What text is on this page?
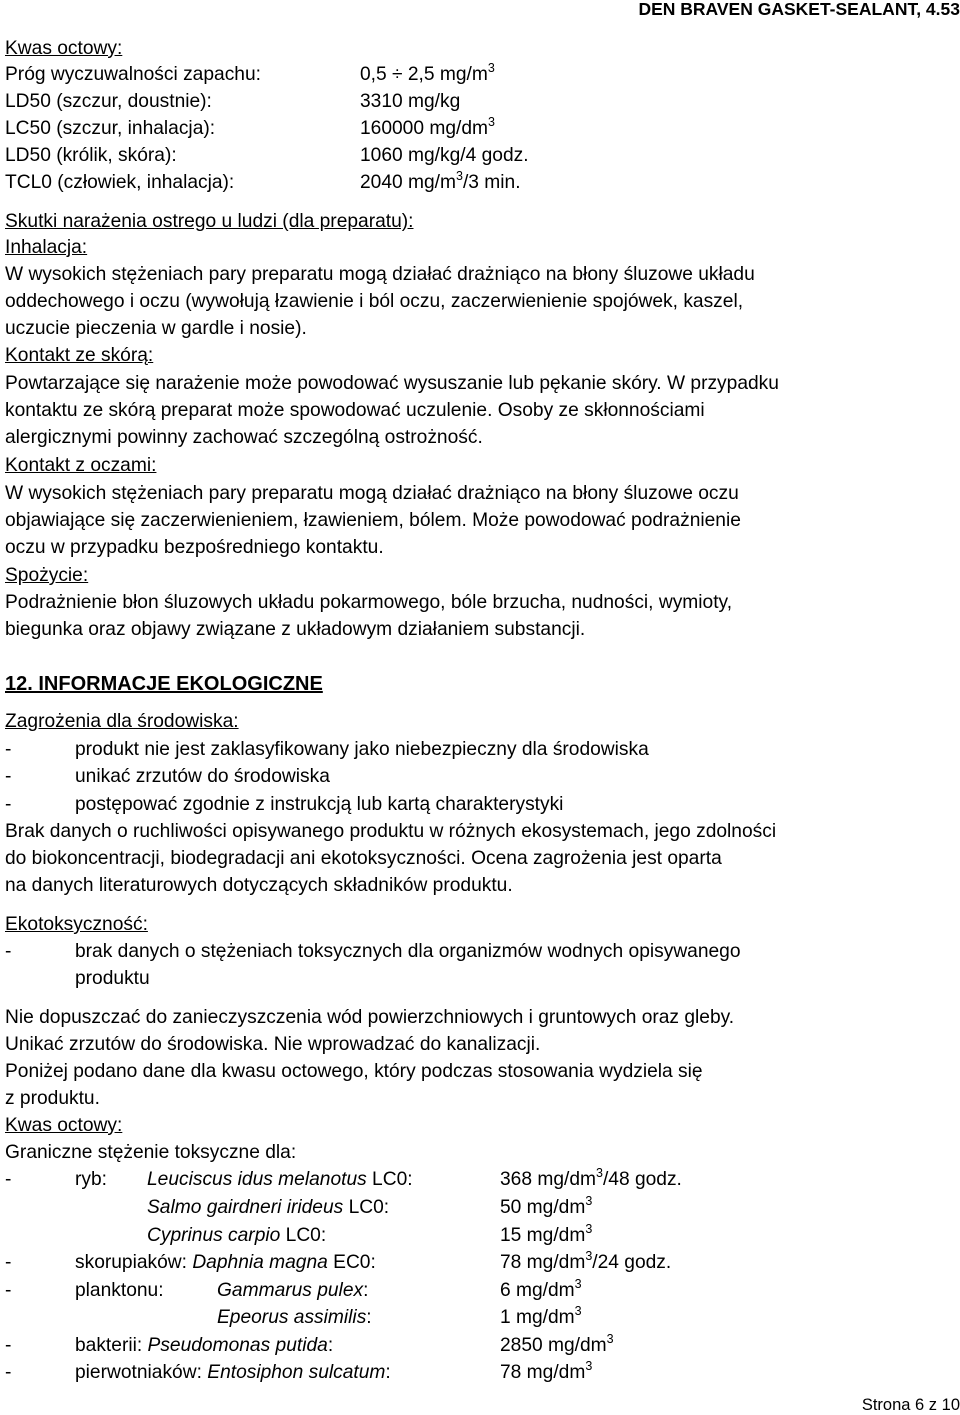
DEN BRAVEN GASKET-SEALANT, 4.53
Kwas octowy:
Próg wyczuwalności zapachu:	0,5 ÷ 2,5 $mg/m^3$
LD50 (szczur, doustnie):	3310 mg/kg
LC50 (szczur, inhalacja):	160000 $mg/dm^3$
LD50 (królik, skóra):	1060 mg/kg/4 godz.
TCL0 (człowiek, inhalacja):	2040 $mg/m^3/3$ min.
Skutki narażenia ostrego u ludzi (dla preparatu):
Inhalacja:
W wysokich stężeniach pary preparatu mogą działać drażniąco na błony śluzowe układu
oddechowego i oczu (wywołują łzawienie i ból oczu, zaczerwienienie spojówek, kaszel,
uczucie pieczenia w gardle i nosie).
Kontakt ze skórą:
Powtarzające się narażenie może powodować wysuszanie lub pękanie skóry. W przypadku
kontaktu ze skórą preparat może spowodować uczulenie. Osoby ze skłonnościami
alergicznymi powinny zachować szczególną ostrożność.
Kontakt z oczami:
W wysokich stężeniach pary preparatu mogą działać drażniąco na błony śluzowe oczu
objawiające się zaczerwienieniem, łzawieniem, bólem. Może powodować podrażnienie
oczu w przypadku bezpośredniego kontaktu.
Spożycie:
Podrażnienie błon śluzowych układu pokarmowego, bóle brzucha, nudności, wymioty,
biegunka oraz objawy związane z układowym działaniem substancji.
12. INFORMACJE EKOLOGICZNE
Zagrożenia dla środowiska:
-	produkt nie jest zaklasyfikowany jako niebezpieczny dla środowiska
-	unikać zrzutów do środowiska
-	postępować zgodnie z instrukcją lub kartą charakterystyki
Brak danych o ruchliwości opisywanego produktu w różnych ekosystemach, jego zdolności
do biokoncentracji, biodegradacji ani ekotoksyczności. Ocena zagrożenia jest oparta
na danych literaturowych dotyczących składników produktu.
Ekotoksyczność:
-	brak danych o stężeniach toksycznych dla organizmów wodnych opisywanego
produktu
Nie dopuszczać do zanieczyszczenia wód powierzchniowych i gruntowych oraz gleby.
Unikać zrzutów do środowiska. Nie wprowadzać do kanalizacji.
Poniżej podano dane dla kwasu octowego, który podczas stosowania wydziela się
z produktu.
Kwas octowy:
Graniczne stężenie toksyczne dla:
-	ryb: Leuciscus idus melanotus LC0:	368 $mg/dm^3/48$ godz.
Salmo gairdneri irideus LC0:	50 $mg/dm^3$
Cyprinus carpio LC0:	15 $mg/dm^3$
-	skorupiaków: Daphnia magna EC0:	78 $mg/dm^3/24$ godz.
-	planktonu:	Gammarus pulex:	6 $mg/dm^3$
Epeorus assimilis:	1 $mg/dm^3$
-	bakterii: Pseudomonas putida:	2850 $mg/dm^3$
-	pierwotniaków: Entosiphon sulcatum:	78 $mg/dm^3$
Strona 6 z 10
